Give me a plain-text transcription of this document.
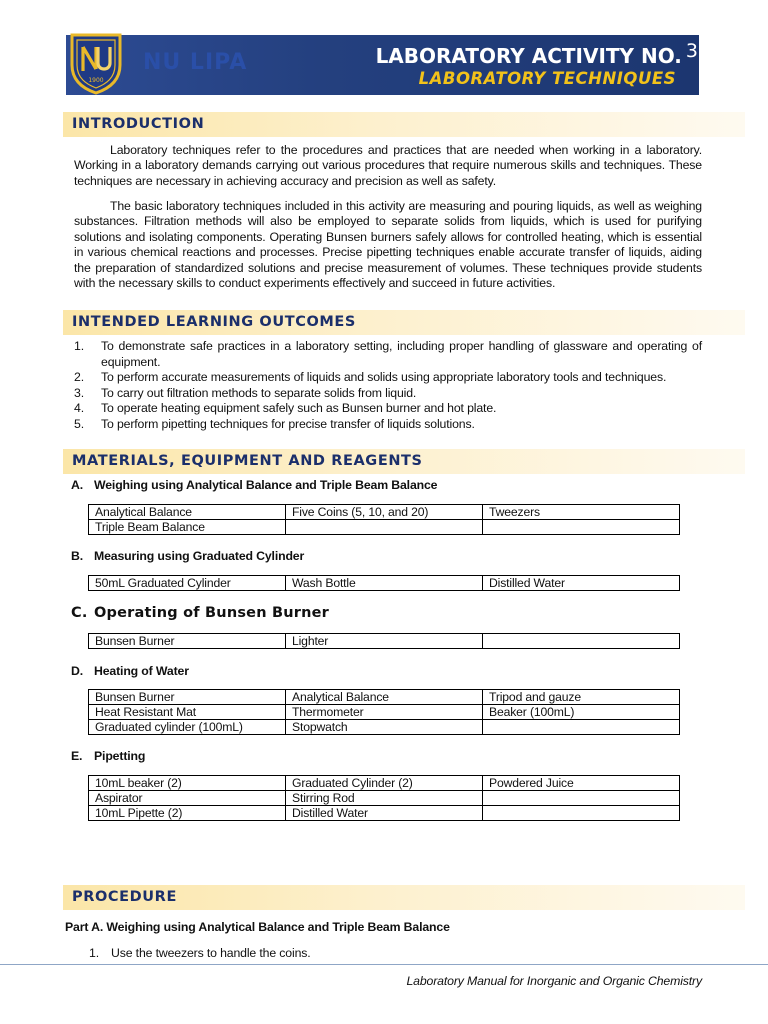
1900
NU LIPA	LABORATORY ACTIVITY NO. 3
LABORATORY TECHNIQUES
INTRODUCTION

Laboratory techniques refer to the procedures and practices that are needed when working in a laboratory. Working in a laboratory demands carrying out various procedures that require numerous skills and techniques. These techniques are necessary in achieving accuracy and precision as well as safety.

The basic laboratory techniques included in this activity are measuring and pouring liquids, as well as weighing substances. Filtration methods will also be employed to separate solids from liquids, which is used for purifying solutions and isolating components. Operating Bunsen burners safely allows for controlled heating, which is essential in various chemical reactions and processes. Precise pipetting techniques enable accurate transfer of liquids, aiding the preparation of standardized solutions and precise measurement of volumes. These techniques provide students with the necessary skills to conduct experiments effectively and succeed in future activities.

INTENDED LEARNING OUTCOMES
1. To demonstrate safe practices in a laboratory setting, including proper handling of glassware and operating of equipment.
2. To perform accurate measurements of liquids and solids using appropriate laboratory tools and techniques.
3. To carry out filtration methods to separate solids from liquid.
4. To operate heating equipment safely such as Bunsen burner and hot plate.
5. To perform pipetting techniques for precise transfer of liquids solutions.
MATERIALS, EQUIPMENT AND REAGENTS
A. Weighing using Analytical Balance and Triple Beam Balance
Analytical Balance	Five Coins (5, 10, and 20)	Tweezers
Triple Beam Balance		
B. Measuring using Graduated Cylinder
50mL Graduated Cylinder	Wash Bottle	Distilled Water
C. Operating of Bunsen Burner
Bunsen Burner	Lighter	
D. Heating of Water
Bunsen Burner	Analytical Balance	Tripod and gauze
Heat Resistant Mat	Thermometer	Beaker (100mL)
Graduated cylinder (100mL)	Stopwatch	
E. Pipetting
10mL beaker (2)	Graduated Cylinder (2)	Powdered Juice
Aspirator	Stirring Rod	
10mL Pipette (2)	Distilled Water	
PROCEDURE
Part A. Weighing using Analytical Balance and Triple Beam Balance
1. Use the tweezers to handle the coins.
Laboratory Manual for Inorganic and Organic Chemistry
